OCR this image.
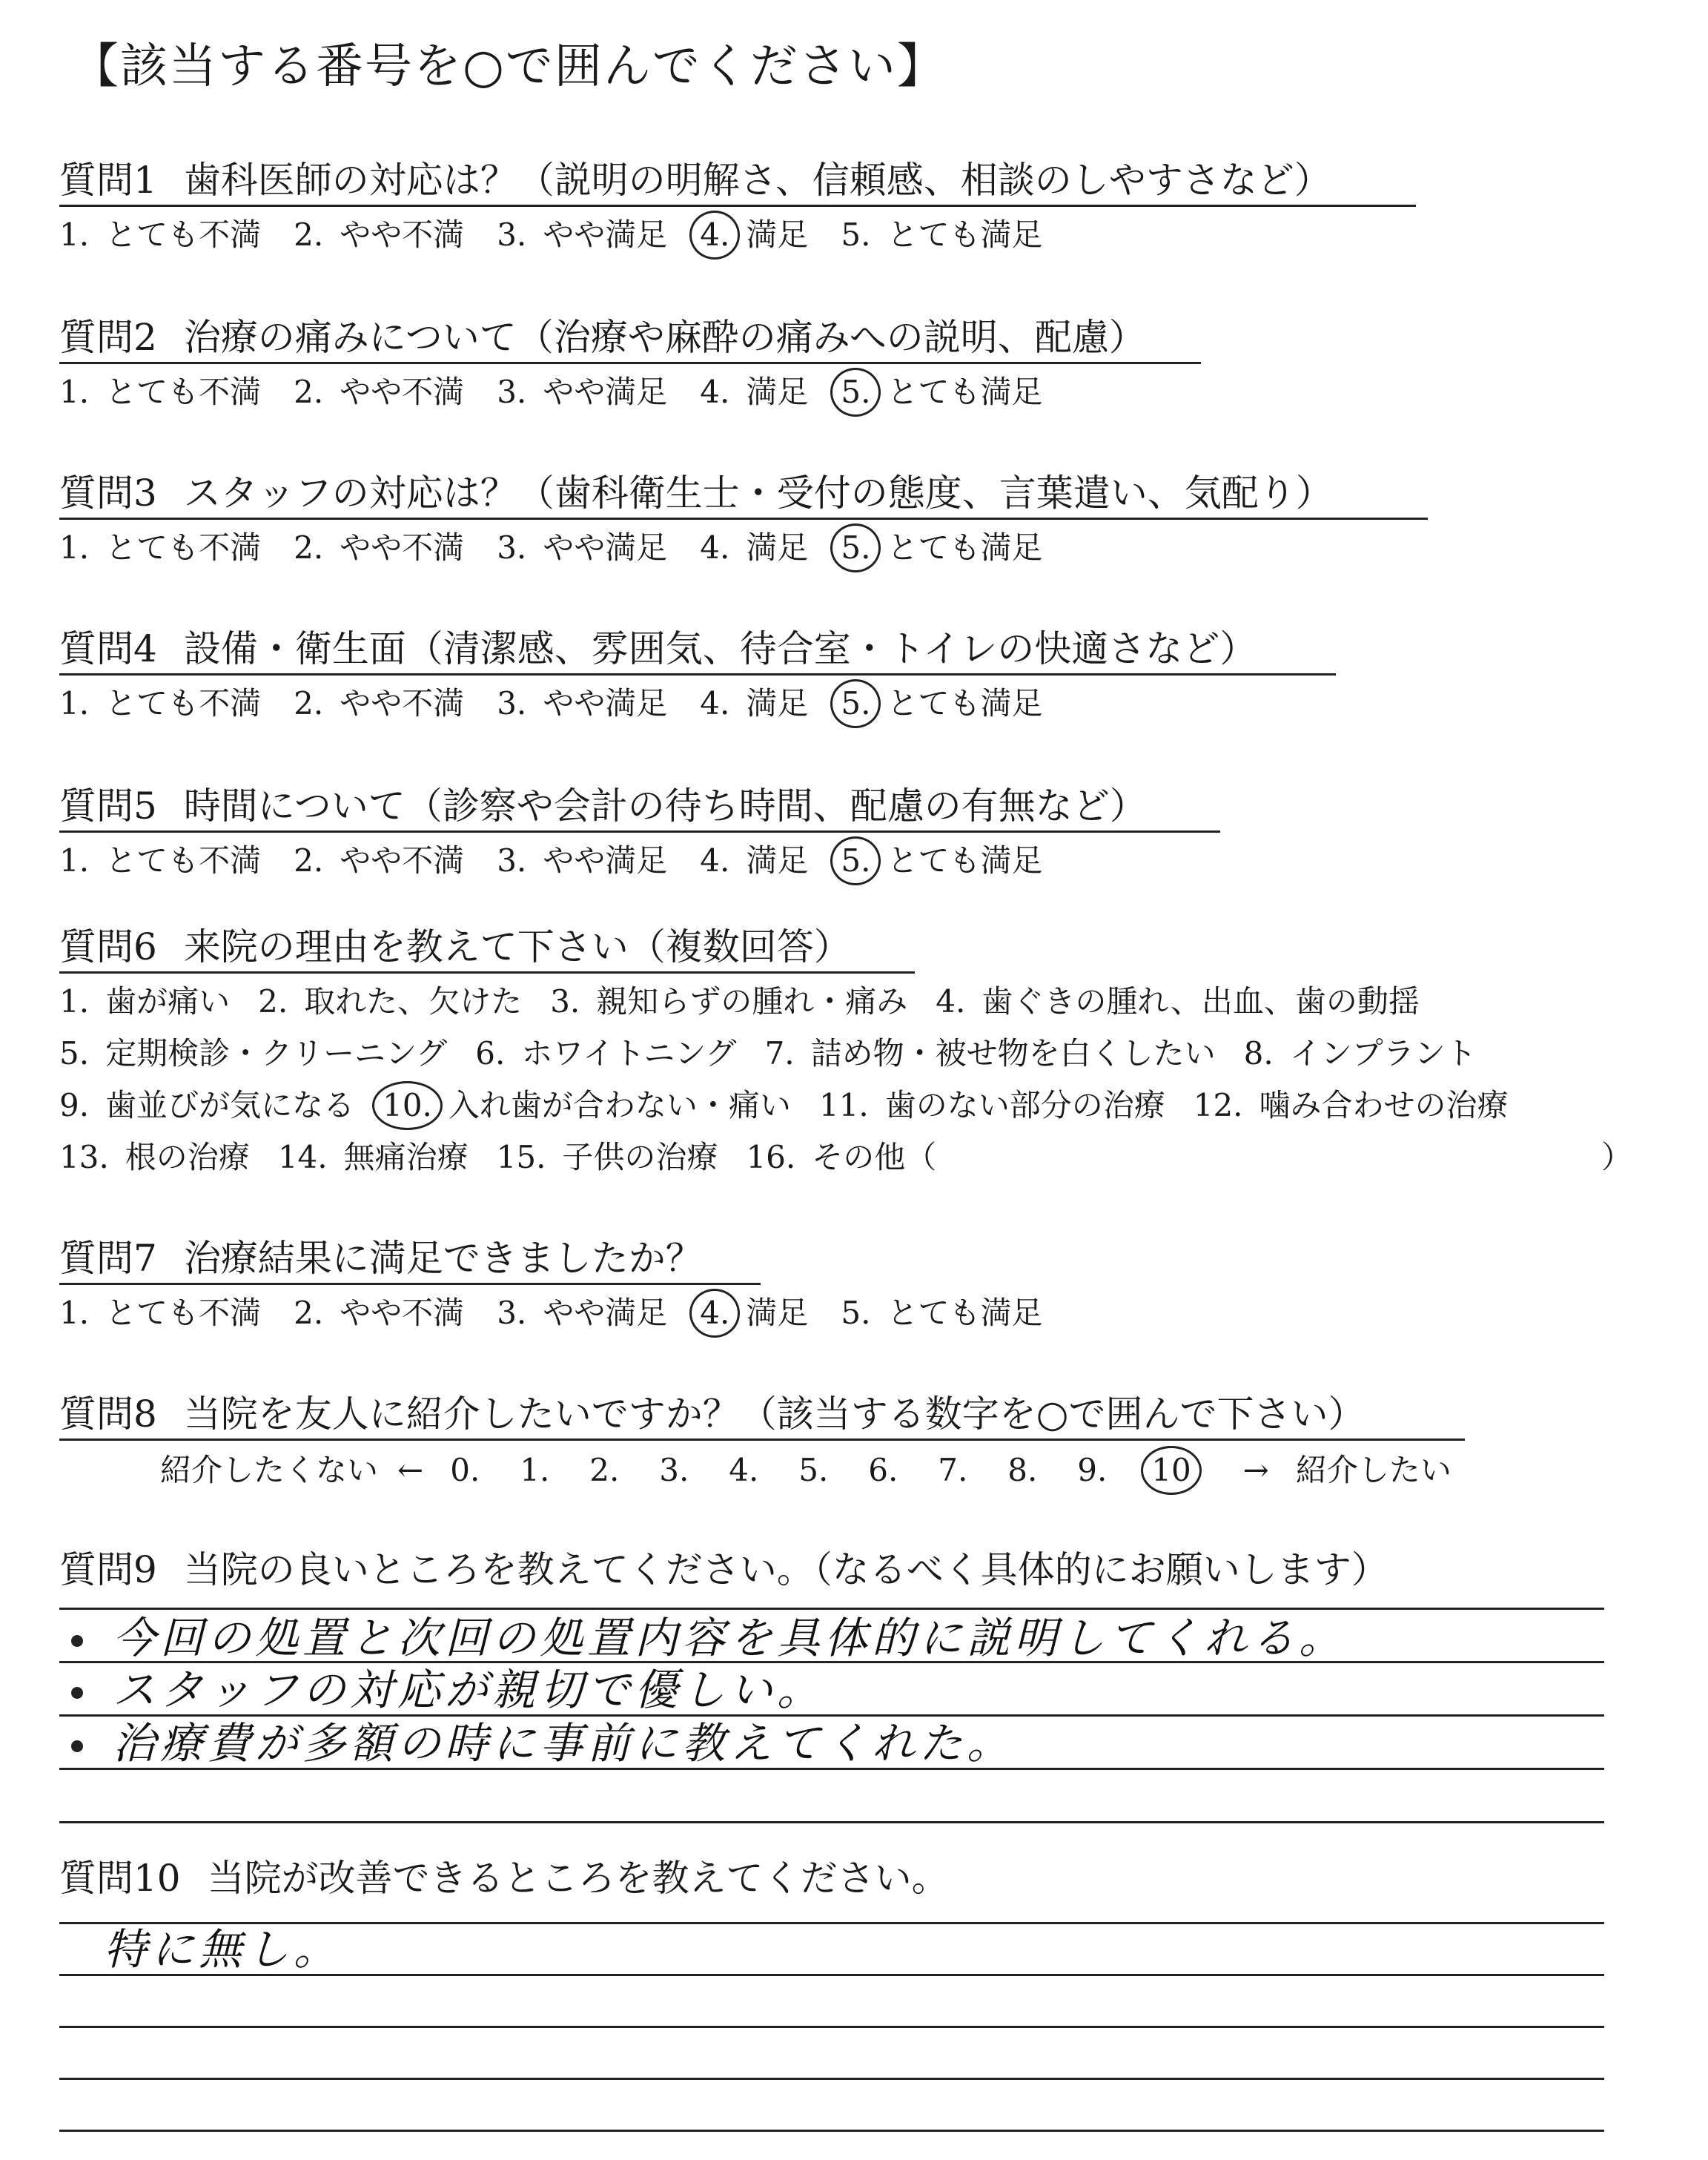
【該当する番号を○で囲んでください】
質問1 歯科医師の対応は？（説明の明解さ、信頼感、相談のしやすさなど）
1. とても不満 2. やや不満 3. やや満足 4. 満足 5. とても満足
質問2 治療の痛みについて（治療や麻酔の痛みへの説明、配慮）
1. とても不満 2. やや不満 3. やや満足 4. 満足 5. とても満足
質問3 スタッフの対応は？（歯科衛生士・受付の態度、言葉遣い、気配り）
1. とても不満 2. やや不満 3. やや満足 4. 満足 5. とても満足
質問4 設備・衛生面（清潔感、雰囲気、待合室・トイレの快適さなど）
1. とても不満 2. やや不満 3. やや満足 4. 満足 5. とても満足
質問5 時間について（診察や会計の待ち時間、配慮の有無など）
1. とても不満 2. やや不満 3. やや満足 4. 満足 5. とても満足
質問6 来院の理由を教えて下さい（複数回答）
1. 歯が痛い 2. 取れた、欠けた 3. 親知らずの腫れ・痛み 4. 歯ぐきの腫れ、出血、歯の動揺
5. 定期検診・クリーニング 6. ホワイトニング 7. 詰め物・被せ物を白くしたい 8. インプラント
9. 歯並びが気になる 10. 入れ歯が合わない・痛い 11. 歯のない部分の治療 12. 噛み合わせの治療
13. 根の治療 14. 無痛治療 15. 子供の治療 16. その他（	）
質問7 治療結果に満足できましたか？
1. とても不満 2. やや不満 3. やや満足 4. 満足 5. とても満足
質問8 当院を友人に紹介したいですか？（該当する数字を○で囲んで下さい）
紹介したくない ← 0.	1.	2.	3.	4.	5.	6.	7.	8.	9.	10 → 紹介したい
質問9 当院の良いところを教えてください。（なるべく具体的にお願いします）
今回の処置と次回の処置内容を具体的に説明してくれる。
スタッフの対応が親切で優しい。
治療費が多額の時に事前に教えてくれた。
質問10 当院が改善できるところを教えてください。
特に無し。
